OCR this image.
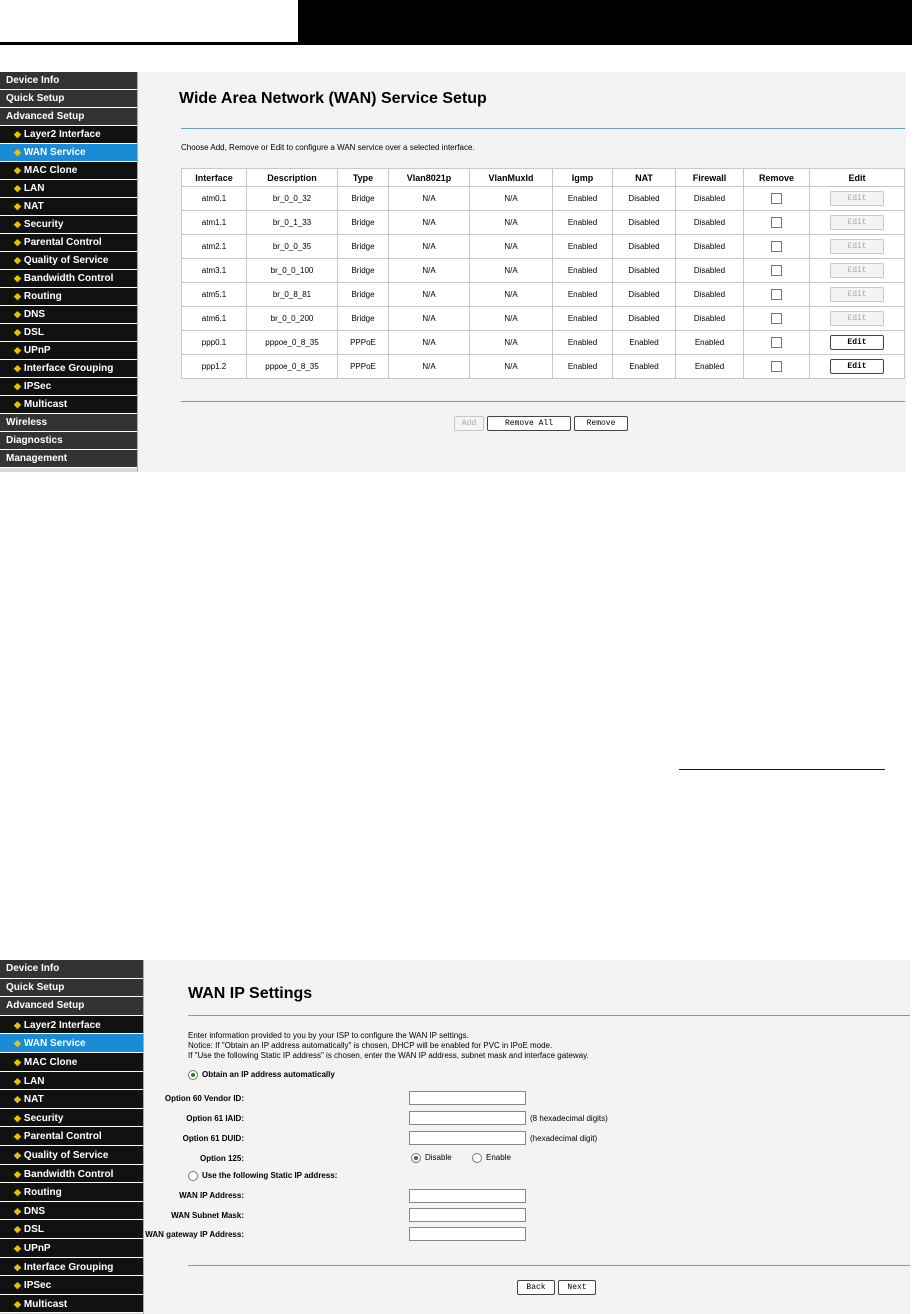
Device Info
Quick Setup
Advanced Setup
◆ Layer2 Interface
◆ WAN Service
◆ MAC Clone
◆ LAN
◆ NAT
◆ Security
◆ Parental Control
◆ Quality of Service
◆ Bandwidth Control
◆ Routing
◆ DNS
◆ DSL
◆ UPnP
◆ Interface Grouping
◆ IPSec
◆ Multicast
Wireless
Diagnostics
Management
Wide Area Network (WAN) Service Setup
Choose Add, Remove or Edit to configure a WAN service over a selected interface.
Interface	Description	Type	Vlan8021p	VlanMuxId	Igmp	NAT	Firewall	Remove	Edit
atm0.1	br_0_0_32	Bridge	N/A	N/A	Enabled	Disabled	Disabled		Edit
atm1.1	br_0_1_33	Bridge	N/A	N/A	Enabled	Disabled	Disabled		Edit
atm2.1	br_0_0_35	Bridge	N/A	N/A	Enabled	Disabled	Disabled		Edit
atm3.1	br_0_0_100	Bridge	N/A	N/A	Enabled	Disabled	Disabled		Edit
atm5.1	br_0_8_81	Bridge	N/A	N/A	Enabled	Disabled	Disabled		Edit
atm6.1	br_0_0_200	Bridge	N/A	N/A	Enabled	Disabled	Disabled		Edit
ppp0.1	pppoe_0_8_35	PPPoE	N/A	N/A	Enabled	Enabled	Enabled		Edit
ppp1.2	pppoe_0_8_35	PPPoE	N/A	N/A	Enabled	Enabled	Enabled		Edit
Add	Remove All	Remove
Device Info
Quick Setup
Advanced Setup
◆ Layer2 Interface
◆ WAN Service
◆ MAC Clone
◆ LAN
◆ NAT
◆ Security
◆ Parental Control
◆ Quality of Service
◆ Bandwidth Control
◆ Routing
◆ DNS
◆ DSL
◆ UPnP
◆ Interface Grouping
◆ IPSec
◆ Multicast
WAN IP Settings
Enter information provided to you by your ISP to configure the WAN IP settings.
Notice: If "Obtain an IP address automatically" is chosen, DHCP will be enabled for PVC in IPoE mode.
If "Use the following Static IP address" is chosen, enter the WAN IP address, subnet mask and interface gateway.
Obtain an IP address automatically
Option 60 Vendor ID:
Option 61 IAID:	(8 hexadecimal digits)
Option 61 DUID:	(hexadecimal digit)
Option 125:	Disable	Enable
Use the following Static IP address:
WAN IP Address:
WAN Subnet Mask:
WAN gateway IP Address:
Back	Next
